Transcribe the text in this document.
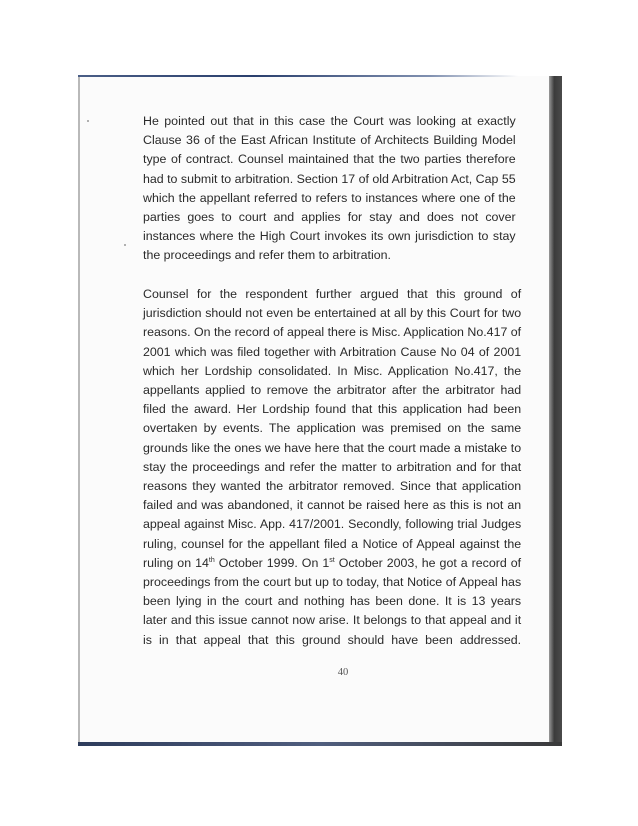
He pointed out that in this case the Court was looking at exactly
Clause 36 of the East African Institute of Architects Building Model
type of contract. Counsel maintained that the two parties therefore
had to submit to arbitration. Section 17 of old Arbitration Act, Cap 55
which the appellant referred to refers to instances where one of the
parties goes to court and applies for stay and does not cover
instances where the High Court invokes its own jurisdiction to stay
the proceedings and refer them to arbitration.
Counsel for the respondent further argued that this ground of
jurisdiction should not even be entertained at all by this Court for two
reasons. On the record of appeal there is Misc. Application No.417 of
2001 which was filed together with Arbitration Cause No 04 of 2001
which her Lordship consolidated. In Misc. Application No.417, the
appellants applied to remove the arbitrator after the arbitrator had
filed the award. Her Lordship found that this application had been
overtaken by events. The application was premised on the same
grounds like the ones we have here that the court made a mistake to
stay the proceedings and refer the matter to arbitration and for that
reasons they wanted the arbitrator removed. Since that application
failed and was abandoned, it cannot be raised here as this is not an
appeal against Misc. App. 417/2001. Secondly, following trial Judges
ruling, counsel for the appellant filed a Notice of Appeal against the
ruling on 14th October 1999. On 1st October 2003, he got a record of
proceedings from the court but up to today, that Notice of Appeal has
been lying in the court and nothing has been done. It is 13 years
later and this issue cannot now arise. It belongs to that appeal and it
is in that appeal that this ground should have been addressed.
40
